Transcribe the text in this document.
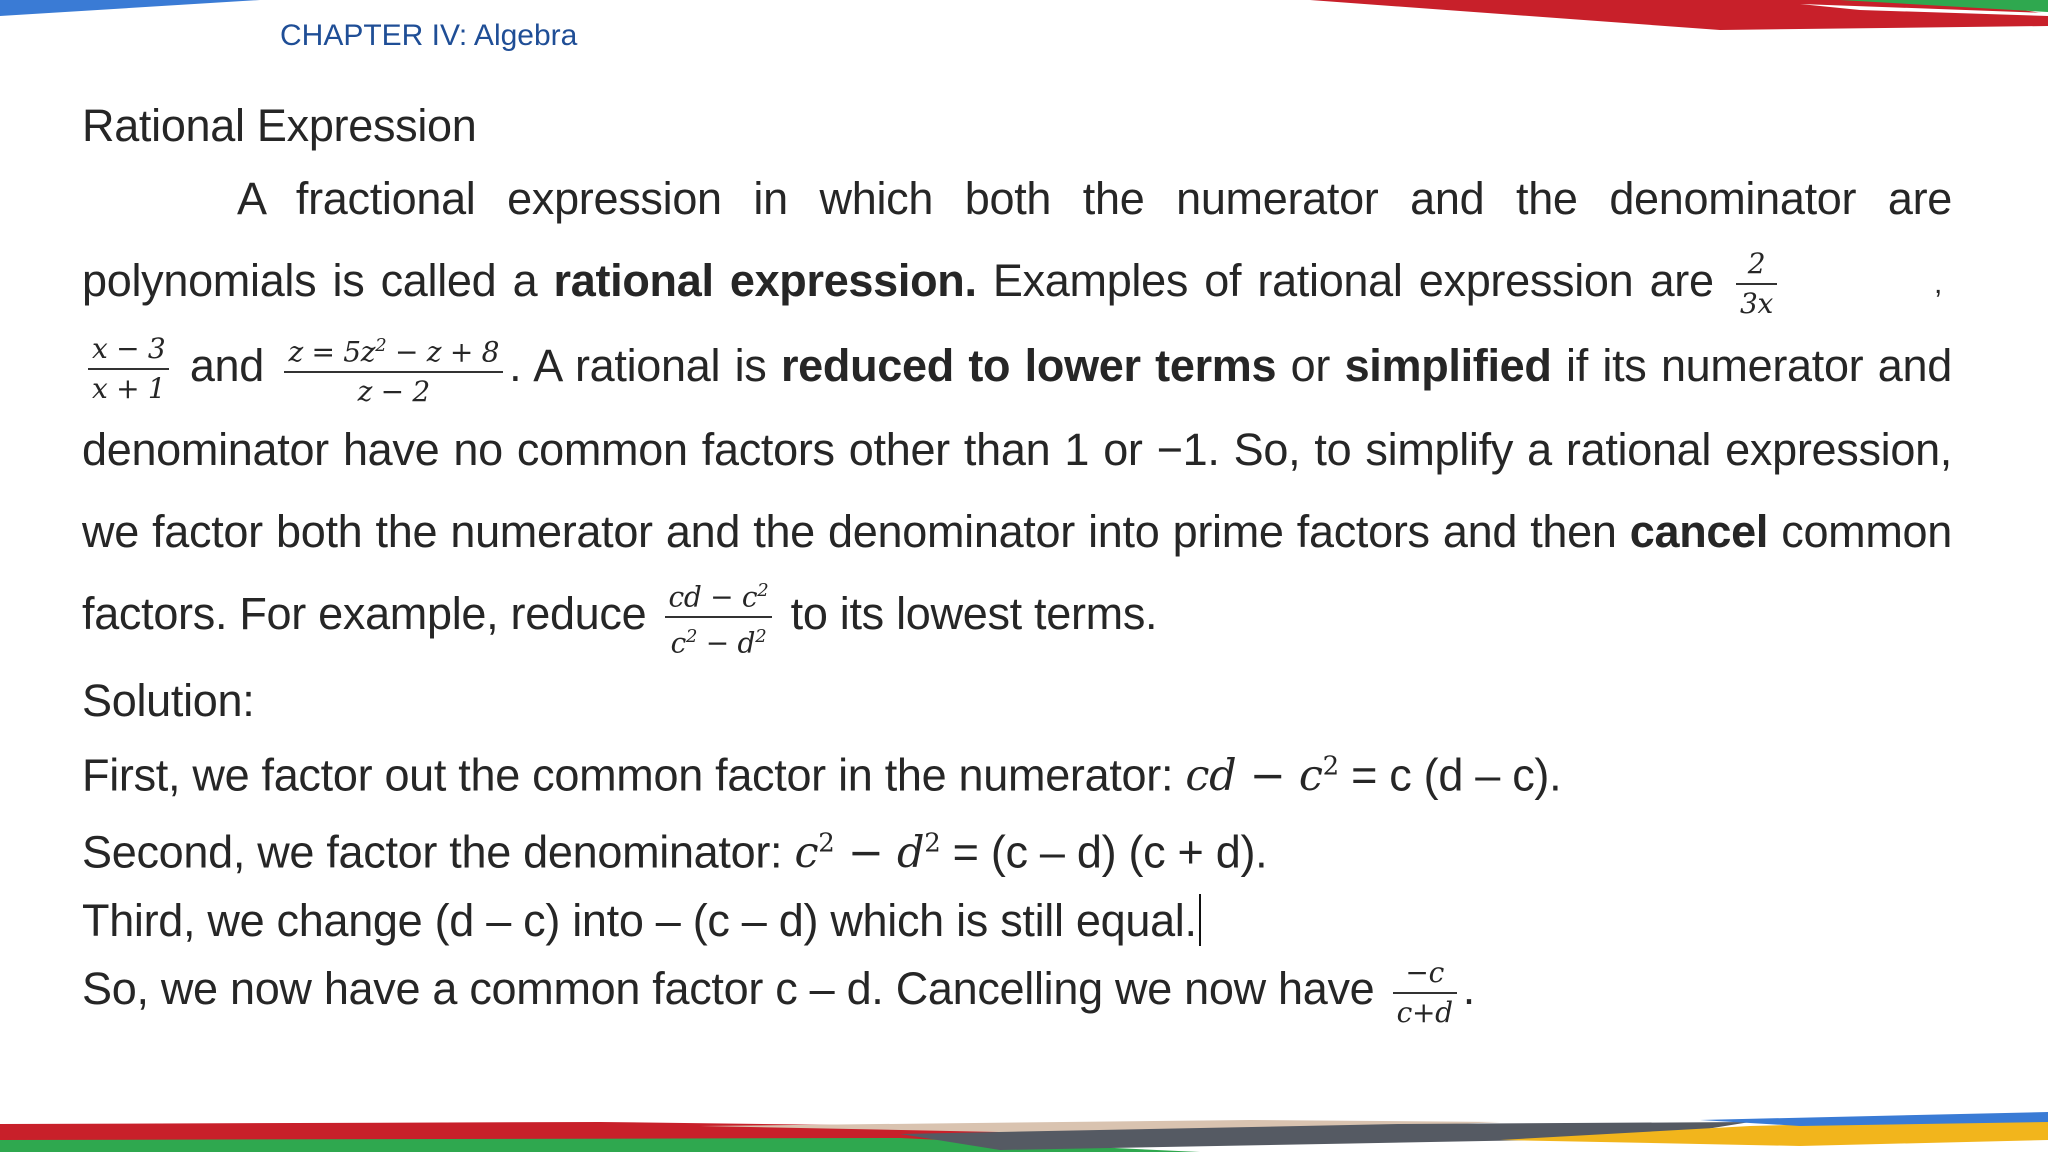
CHAPTER IV: Algebra
Rational Expression

A fractional expression in which both the numerator and the denominator are polynomials is called a rational expression. Examples of rational expression are $\frac{2}{3x}$	,
$\frac{x - 3}{x + 1}$ and $\frac{z = 5z^2 - z + 8}{z - 2}$ . A rational is reduced to lower terms or simplified if its numerator and denominator have no common factors other than 1 or −1. So, to simplify a rational expression, we factor both the numerator and the denominator into prime factors and then cancel common factors. For example, reduce $\frac{cd - c^2}{c^2 - d^2}$ to its lowest terms.

Solution:

First, we factor out the common factor in the numerator: cd − $c^2 = c$ (d – c).

Second, we factor the denominator: $c^2 - d^2 = (c - d) (c + d)$.

Third, we change (d – c) into – (c – d) which is still equal.

So, we now have a common factor c – d. Cancelling we now have $\frac{-c}{c+d}$ .
